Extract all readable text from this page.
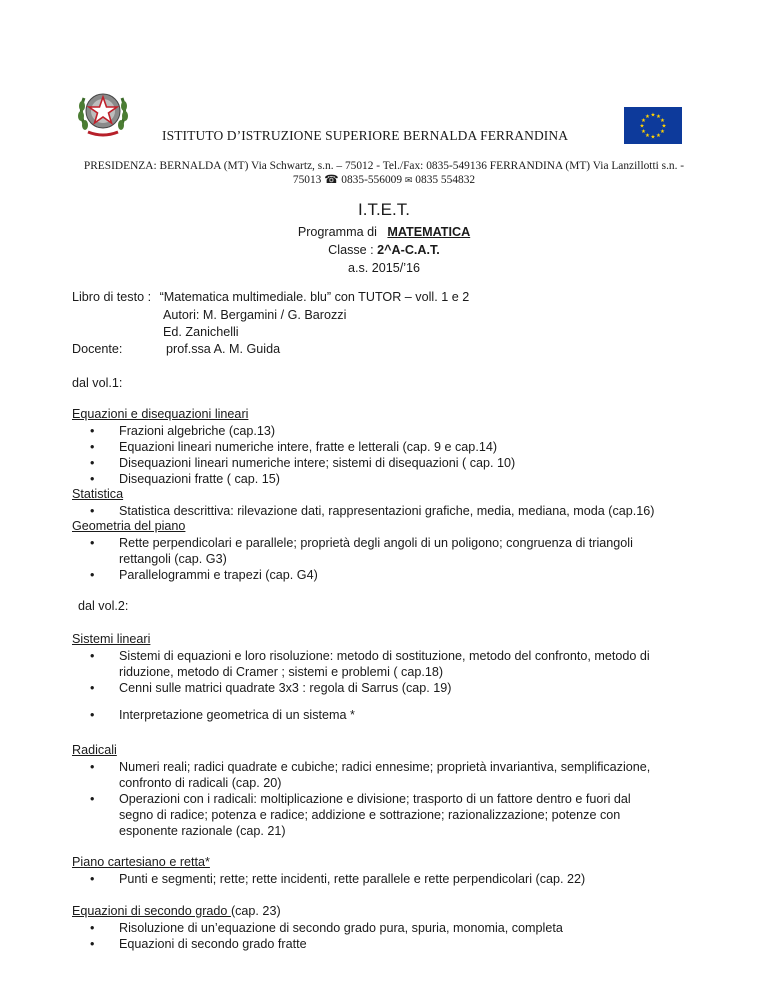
ISTITUTO D’ISTRUZIONE SUPERIORE BERNALDA FERRANDINA
★ ★
★
★
★
★
★
★
★
★
★
★
PRESIDENZA: BERNALDA (MT) Via Schwartz, s.n. – 75012 - Tel./Fax: 0835-549136 FERRANDINA (MT) Via Lanzillotti s.n. -
75013 ☎ 0835-556009 ✉ 0835 554832
I.T.E.T.
Programma di MATEMATICA
Classe : 2^A-C.A.T.
a.s. 2015/’16
Libro di testo : “Matematica multimediale. blu” con TUTOR – voll. 1 e 2
Autori: M. Bergamini / G. Barozzi
Ed. Zanichelli
Docente:	prof.ssa A. M. Guida
dal vol.1:
Equazioni e disequazioni lineari
• Frazioni algebriche (cap.13)
• Equazioni lineari numeriche intere, fratte e letterali (cap. 9 e cap.14)
• Disequazioni lineari numeriche intere; sistemi di disequazioni ( cap. 10)
• Disequazioni fratte ( cap. 15)
Statistica
• Statistica descrittiva: rilevazione dati, rappresentazioni grafiche, media, mediana, moda (cap.16)
Geometria del piano
• Rette perpendicolari e parallele; proprietà degli angoli di un poligono; congruenza di triangoli
rettangoli (cap. G3)
• Parallelogrammi e trapezi (cap. G4)
dal vol.2:
Sistemi lineari
• Sistemi di equazioni e loro risoluzione: metodo di sostituzione, metodo del confronto, metodo di
riduzione, metodo di Cramer ; sistemi e problemi ( cap.18)
• Cenni sulle matrici quadrate 3x3 : regola di Sarrus (cap. 19)
• Interpretazione geometrica di un sistema *
Radicali
• Numeri reali; radici quadrate e cubiche; radici ennesime; proprietà invariantiva, semplificazione,
confronto di radicali (cap. 20)
• Operazioni con i radicali: moltiplicazione e divisione; trasporto di un fattore dentro e fuori dal
segno di radice; potenza e radice; addizione e sottrazione; razionalizzazione; potenze con
esponente razionale (cap. 21)
Piano cartesiano e retta*
• Punti e segmenti; rette; rette incidenti, rette parallele e rette perpendicolari (cap. 22)
Equazioni di secondo grado (cap. 23)
• Risoluzione di un’equazione di secondo grado pura, spuria, monomia, completa
• Equazioni di secondo grado fratte
